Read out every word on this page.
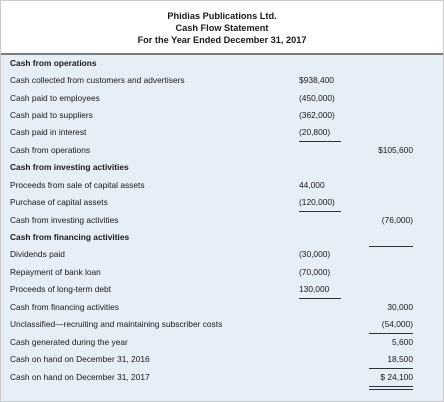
Phidias Publications Ltd.
Cash Flow Statement
For the Year Ended December 31, 2017
Cash from operations
Cash collected from customers and advertisers	$938,400
Cash paid to employees	(450,000)
Cash paid to suppliers	(362,000)
Cash paid in interest	(20,800)
Cash from operations	$105,600
Cash from investing activities
Proceeds from sale of capital assets	44,000
Purchase of capital assets	(120,000)
Cash from investing activities	(76,000)
Cash from financing activities
Dividends paid	(30,000)
Repayment of bank loan	(70,000)
Proceeds of long-term debt	130,000
Cash from financing activities	30,000
Unclassified—recruiting and maintaining subscriber costs	(54,000)
Cash generated during the year	5,600
Cash on hand on December 31, 2016	18,500
Cash on hand on December 31, 2017	$ 24,100
